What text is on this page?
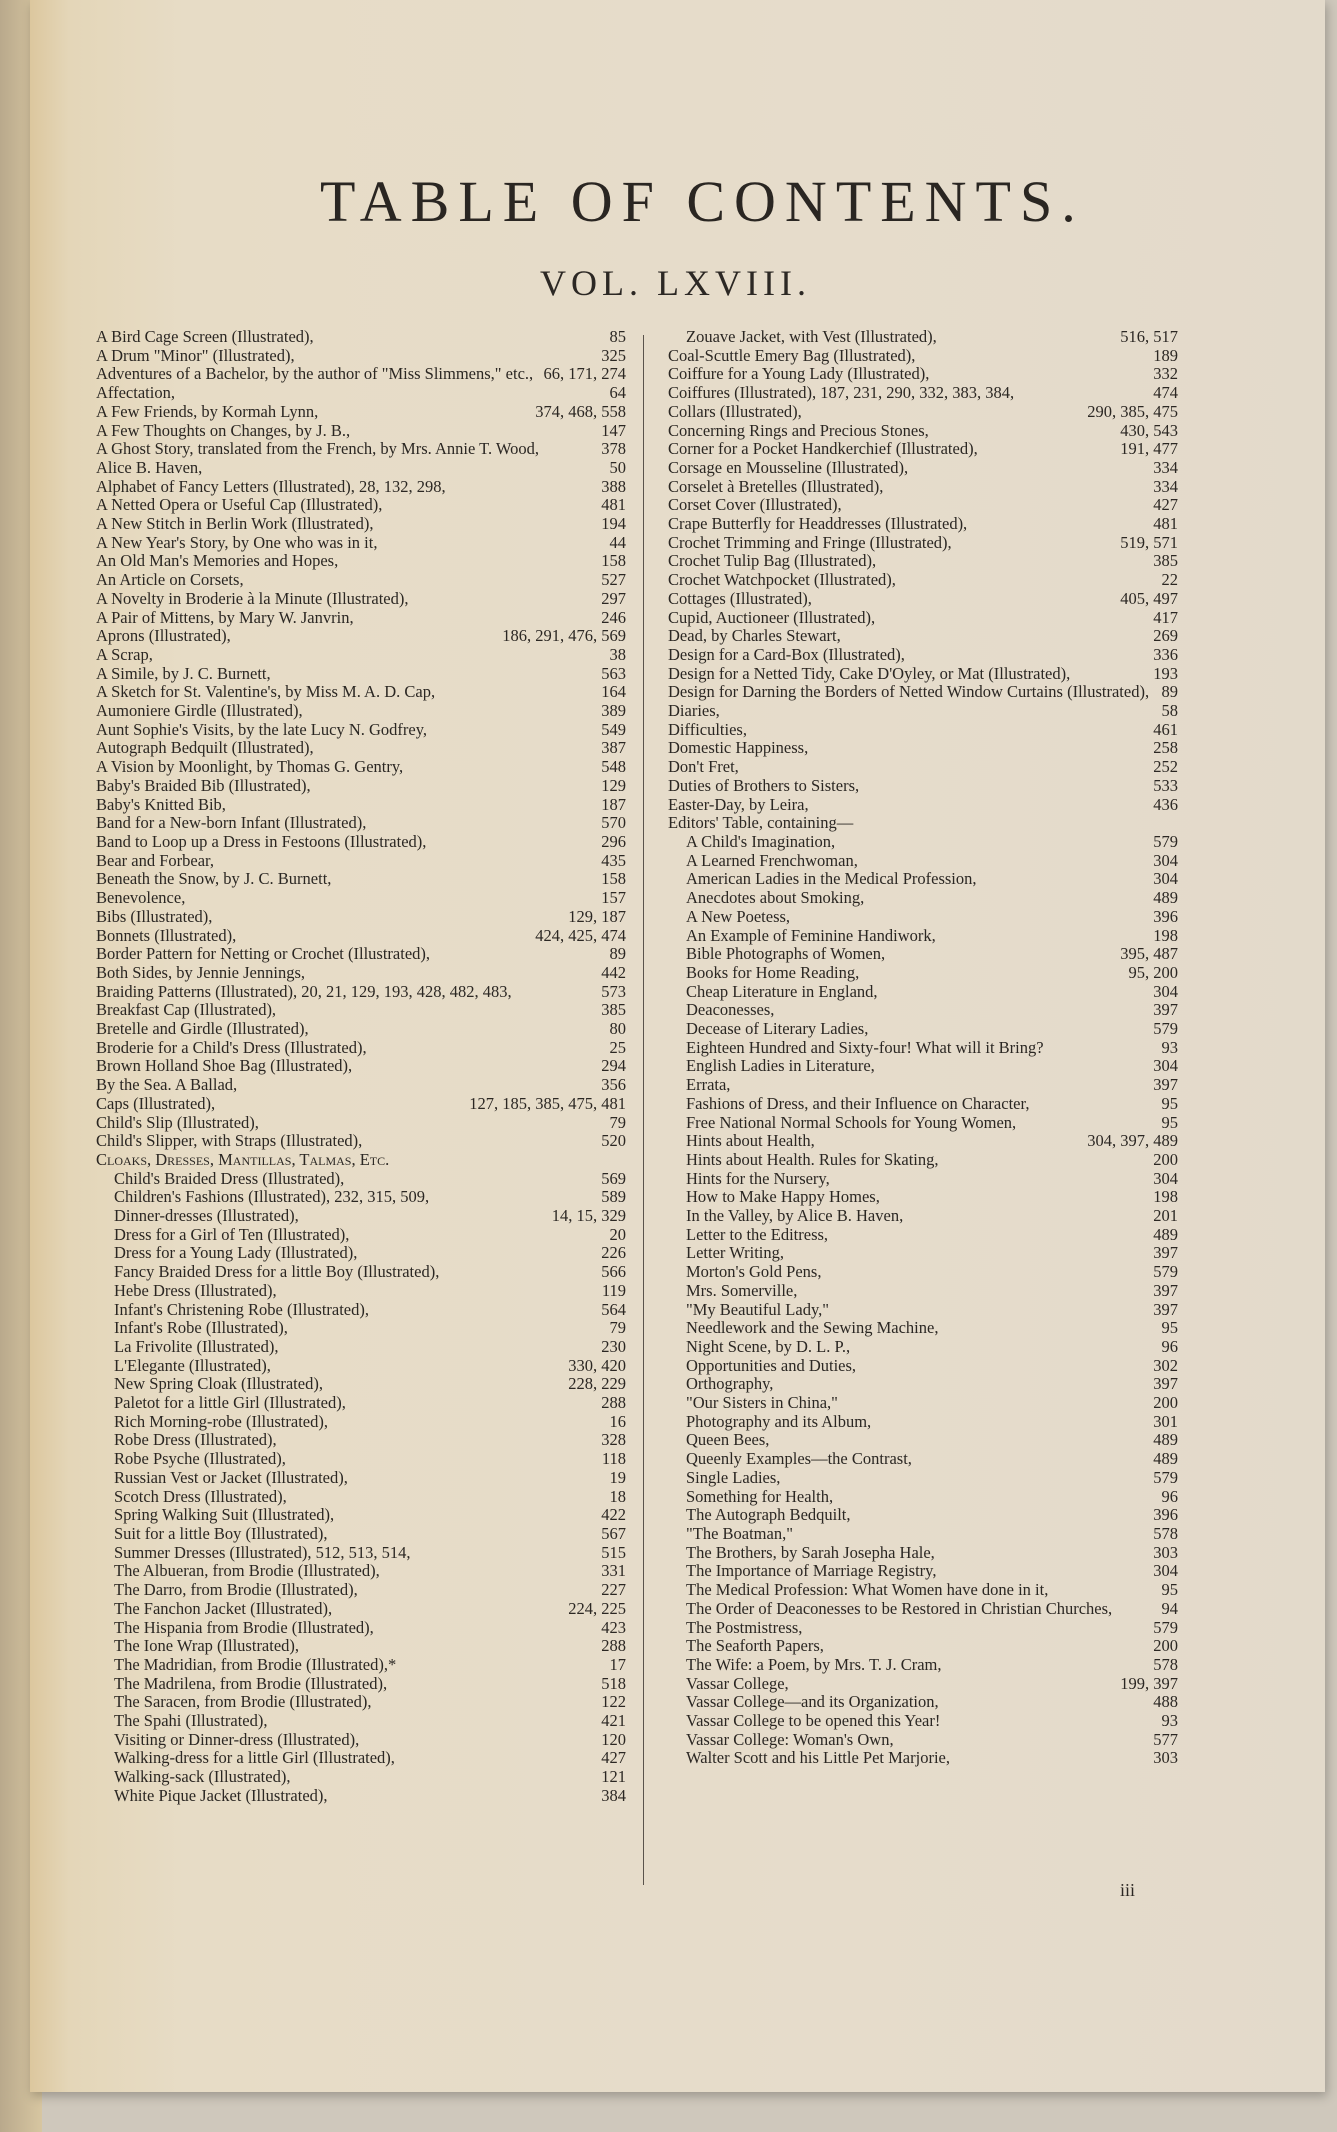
TABLE OF CONTENTS.
VOL. LXVIII.
A Bird Cage Screen (Illustrated),	85
A Drum "Minor" (Illustrated),	325
Adventures of a Bachelor, by the author of "Miss Slimmens," etc., 66, 171, 274
Affectation,	64
A Few Friends, by Kormah Lynn,	374, 468, 558
A Few Thoughts on Changes, by J. B.,	147
A Ghost Story, translated from the French, by Mrs. Annie T. Wood,	378
Alice B. Haven,	50
Alphabet of Fancy Letters (Illustrated), 28, 132, 298,	388
A Netted Opera or Useful Cap (Illustrated),	481
A New Stitch in Berlin Work (Illustrated),	194
A New Year's Story, by One who was in it,	44
An Old Man's Memories and Hopes,	158
An Article on Corsets,	527
A Novelty in Broderie à la Minute (Illustrated),	297
A Pair of Mittens, by Mary W. Janvrin,	246
Aprons (Illustrated),	186, 291, 476, 569
A Scrap,	38
A Simile, by J. C. Burnett,	563
A Sketch for St. Valentine's, by Miss M. A. D. Cap,	164
Aumoniere Girdle (Illustrated),	389
Aunt Sophie's Visits, by the late Lucy N. Godfrey,	549
Autograph Bedquilt (Illustrated),	387
A Vision by Moonlight, by Thomas G. Gentry,	548
Baby's Braided Bib (Illustrated),	129
Baby's Knitted Bib,	187
Band for a New-born Infant (Illustrated),	570
Band to Loop up a Dress in Festoons (Illustrated),	296
Bear and Forbear,	435
Beneath the Snow, by J. C. Burnett,	158
Benevolence,	157
Bibs (Illustrated),	129, 187
Bonnets (Illustrated),	424, 425, 474
Border Pattern for Netting or Crochet (Illustrated),	89
Both Sides, by Jennie Jennings,	442
Braiding Patterns (Illustrated), 20, 21, 129, 193, 428, 482, 483,	573
Breakfast Cap (Illustrated),	385
Bretelle and Girdle (Illustrated),	80
Broderie for a Child's Dress (Illustrated),	25
Brown Holland Shoe Bag (Illustrated),	294
By the Sea. A Ballad,	356
Caps (Illustrated),	127, 185, 385, 475, 481
Child's Slip (Illustrated),	79
Child's Slipper, with Straps (Illustrated),	520
Cloaks, Dresses, Mantillas, Talmas, Etc.
Child's Braided Dress (Illustrated),	569
Children's Fashions (Illustrated), 232, 315, 509,	589
Dinner-dresses (Illustrated),	14, 15, 329
Dress for a Girl of Ten (Illustrated),	20
Dress for a Young Lady (Illustrated),	226
Fancy Braided Dress for a little Boy (Illustrated),	566
Hebe Dress (Illustrated),	119
Infant's Christening Robe (Illustrated),	564
Infant's Robe (Illustrated),	79
La Frivolite (Illustrated),	230
L'Elegante (Illustrated),	330, 420
New Spring Cloak (Illustrated),	228, 229
Paletot for a little Girl (Illustrated),	288
Rich Morning-robe (Illustrated),	16
Robe Dress (Illustrated),	328
Robe Psyche (Illustrated),	118
Russian Vest or Jacket (Illustrated),	19
Scotch Dress (Illustrated),	18
Spring Walking Suit (Illustrated),	422
Suit for a little Boy (Illustrated),	567
Summer Dresses (Illustrated), 512, 513, 514,	515
The Albueran, from Brodie (Illustrated),	331
The Darro, from Brodie (Illustrated),	227
The Fanchon Jacket (Illustrated),	224, 225
The Hispania from Brodie (Illustrated),	423
The Ione Wrap (Illustrated),	288
The Madridian, from Brodie (Illustrated),*	17
The Madrilena, from Brodie (Illustrated),	518
The Saracen, from Brodie (Illustrated),	122
The Spahi (Illustrated),	421
Visiting or Dinner-dress (Illustrated),	120
Walking-dress for a little Girl (Illustrated),	427
Walking-sack (Illustrated),	121
White Pique Jacket (Illustrated),	384
Zouave Jacket, with Vest (Illustrated),	516, 517
Coal-Scuttle Emery Bag (Illustrated),	189
Coiffure for a Young Lady (Illustrated),	332
Coiffures (Illustrated), 187, 231, 290, 332, 383, 384,	474
Collars (Illustrated),	290, 385, 475
Concerning Rings and Precious Stones,	430, 543
Corner for a Pocket Handkerchief (Illustrated),	191, 477
Corsage en Mousseline (Illustrated),	334
Corselet à Bretelles (Illustrated),	334
Corset Cover (Illustrated),	427
Crape Butterfly for Headdresses (Illustrated),	481
Crochet Trimming and Fringe (Illustrated),	519, 571
Crochet Tulip Bag (Illustrated),	385
Crochet Watchpocket (Illustrated),	22
Cottages (Illustrated),	405, 497
Cupid, Auctioneer (Illustrated),	417
Dead, by Charles Stewart,	269
Design for a Card-Box (Illustrated),	336
Design for a Netted Tidy, Cake D'Oyley, or Mat (Illustrated),	193
Design for Darning the Borders of Netted Window Curtains (Illustrated), 89
Diaries,	58
Difficulties,	461
Domestic Happiness,	258
Don't Fret,	252
Duties of Brothers to Sisters,	533
Easter-Day, by Leira,	436
Editors' Table, containing—
A Child's Imagination,	579
A Learned Frenchwoman,	304
American Ladies in the Medical Profession,	304
Anecdotes about Smoking,	489
A New Poetess,	396
An Example of Feminine Handiwork,	198
Bible Photographs of Women,	395, 487
Books for Home Reading,	95, 200
Cheap Literature in England,	304
Deaconesses,	397
Decease of Literary Ladies,	579
Eighteen Hundred and Sixty-four! What will it Bring?	93
English Ladies in Literature,	304
Errata,	397
Fashions of Dress, and their Influence on Character,	95
Free National Normal Schools for Young Women,	95
Hints about Health,	304, 397, 489
Hints about Health. Rules for Skating,	200
Hints for the Nursery,	304
How to Make Happy Homes,	198
In the Valley, by Alice B. Haven,	201
Letter to the Editress,	489
Letter Writing,	397
Morton's Gold Pens,	579
Mrs. Somerville,	397
"My Beautiful Lady,"	397
Needlework and the Sewing Machine,	95
Night Scene, by D. L. P.,	96
Opportunities and Duties,	302
Orthography,	397
"Our Sisters in China,"	200
Photography and its Album,	301
Queen Bees,	489
Queenly Examples—the Contrast,	489
Single Ladies,	579
Something for Health,	96
The Autograph Bedquilt,	396
"The Boatman,"	578
The Brothers, by Sarah Josepha Hale,	303
The Importance of Marriage Registry,	304
The Medical Profession: What Women have done in it,	95
The Order of Deaconesses to be Restored in Christian Churches,	94
The Postmistress,	579
The Seaforth Papers,	200
The Wife: a Poem, by Mrs. T. J. Cram,	578
Vassar College,	199, 397
Vassar College—and its Organization,	488
Vassar College to be opened this Year!	93
Vassar College: Woman's Own,	577
Walter Scott and his Little Pet Marjorie,	303
iii
